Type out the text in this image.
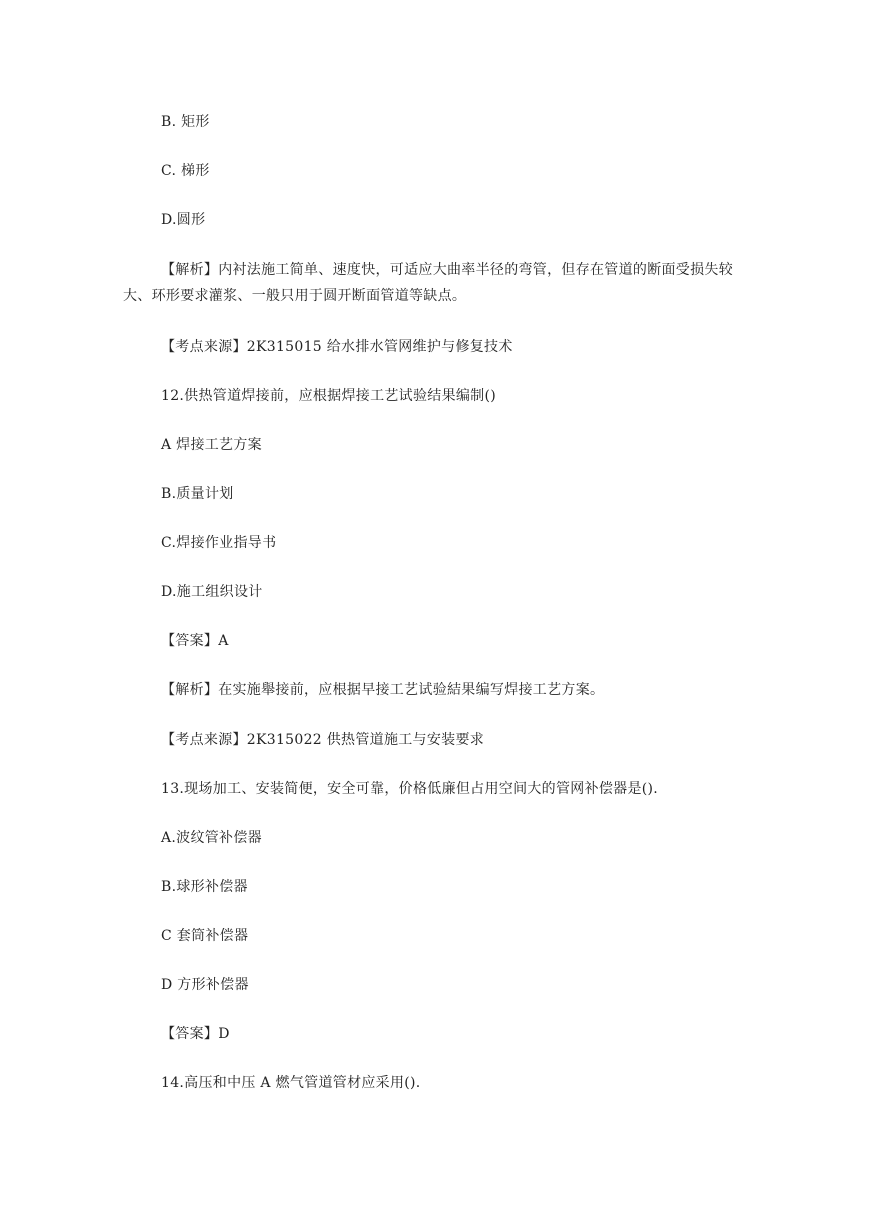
B. 矩形
C. 梯形
D.圆形
【解析】内衬法施工简单、速度快，可适应大曲率半径的弯管，但存在管道的断面受损失较大、环形要求灌浆、一般只用于圆开断面管道等缺点。
【考点来源】2K315015 给水排水管网维护与修复技术
12.供热管道焊接前，应根据焊接工艺试验结果编制()
A 焊接工艺方案
B.质量计划
C.焊接作业指导书
D.施工组织设计
【答案】A
【解析】在实施舉接前，应根据早接工艺试验結果编写焊接工艺方案。
【考点来源】2K315022 供热管道施工与安装要求
13.现场加工、安装简便，安全可靠，价格低廉但占用空间大的管网补偿器是().
A.波纹管补偿器
B.球形补偿器
C 套筒补偿器
D 方形补偿器
【答案】D
14.高压和中压 A 燃气管道管材应采用().
